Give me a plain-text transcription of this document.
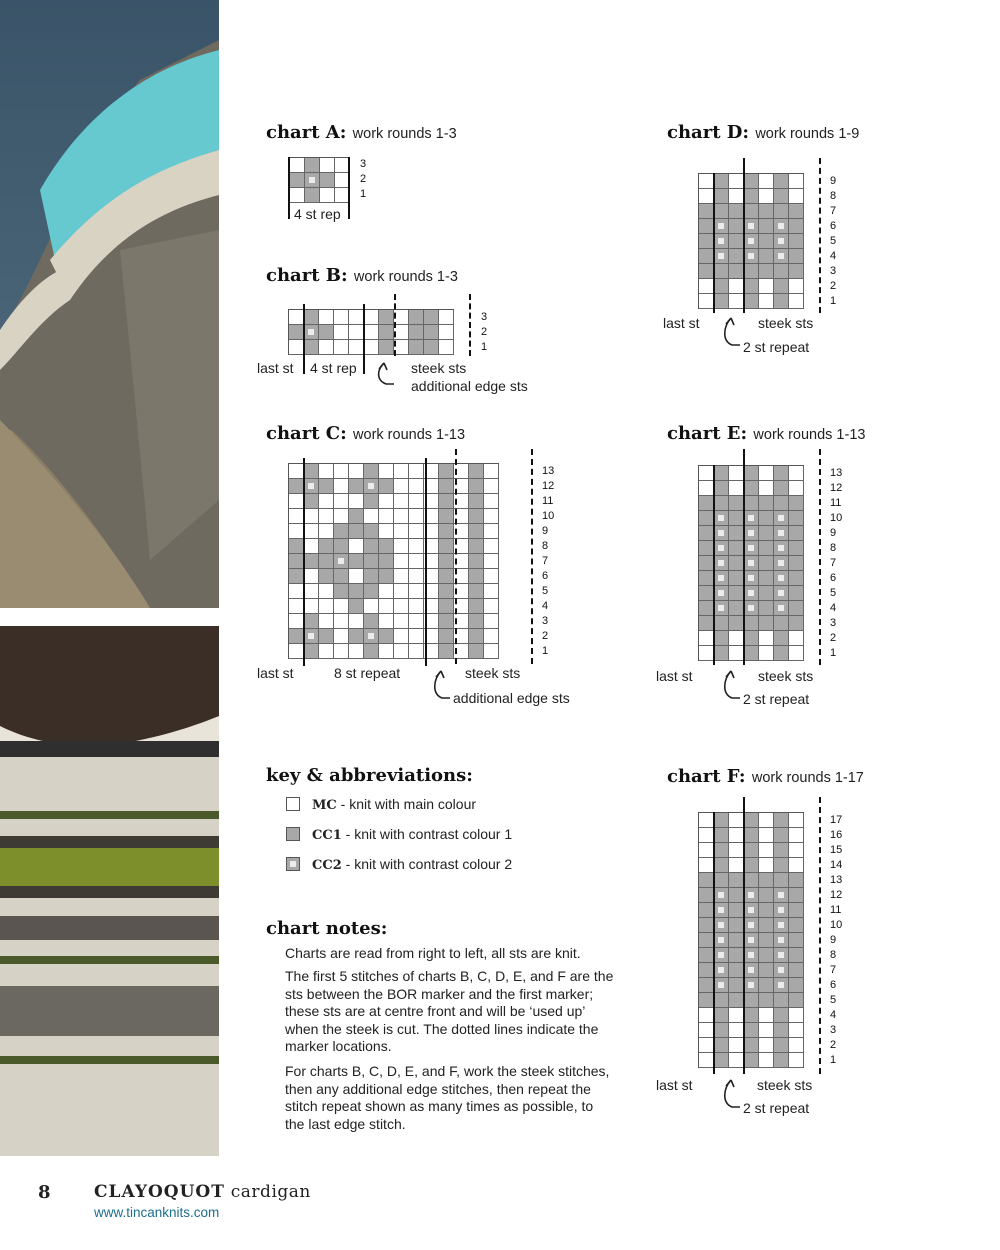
chart A: work rounds 1-3
3
2
1
4 st rep
chart B: work rounds 1-3
3
2
1
last st 4 st rep	steek sts
additional edge sts
chart C: work rounds 1-13
13
12
11
10
9
8
7
6
5
4
3
2
1
last st	8 st repeat	steek sts
additional edge sts
chart D: work rounds 1-9
9
8
7
6
5
4
3
2
1
last st	steek sts
2 st repeat
chart E: work rounds 1-13
13
12
11
10
9
8
7
6
5
4
3
2
1
last st	steek sts
2 st repeat
chart F: work rounds 1-17
17
16
15
14
13
12
11
10
9
8
7
6
5
4
3
2
1
last st	steek sts
2 st repeat
key & abbreviations:
MC - knit with main colour
CC1 - knit with contrast colour 1
CC2 - knit with contrast colour 2
chart notes:
Charts are read from right to left, all sts are knit.
The first 5 stitches of charts B, C, D, E, and F are the sts between the BOR marker and the first marker; these sts are at centre front and will be ‘used up’ when the steek is cut. The dotted lines indicate the marker locations.
For charts B, C, D, E, and F, work the steek stitches, then any additional edge stitches, then repeat the stitch repeat shown as many times as possible, to the last edge stitch.
8	CLAYOQUOT cardigan
www.tincanknits.com
